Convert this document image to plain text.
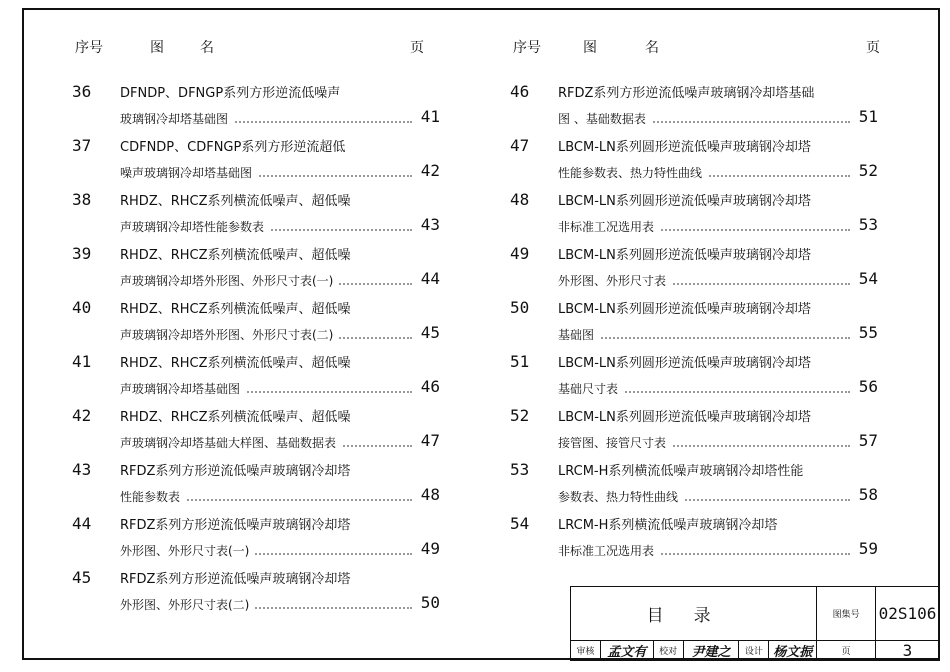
序号	图	名	页	序号	图	名	页
36 DFNDP、DFNGP系列方形逆流低噪声
玻璃钢冷却塔基础图	41
37 CDFNDP、CDFNGP系列方形逆流超低
噪声玻璃钢冷却塔基础图	42
38 RHDZ、RHCZ系列横流低噪声、超低噪
声玻璃钢冷却塔性能参数表	43
39 RHDZ、RHCZ系列横流低噪声、超低噪
声玻璃钢冷却塔外形图、外形尺寸表(一)	44
40 RHDZ、RHCZ系列横流低噪声、超低噪
声玻璃钢冷却塔外形图、外形尺寸表(二)	45
41 RHDZ、RHCZ系列横流低噪声、超低噪
声玻璃钢冷却塔基础图	46
42 RHDZ、RHCZ系列横流低噪声、超低噪
声玻璃钢冷却塔基础大样图、基础数据表	47
43 RFDZ系列方形逆流低噪声玻璃钢冷却塔
性能参数表	48
44 RFDZ系列方形逆流低噪声玻璃钢冷却塔
外形图、外形尺寸表(一)	49
45 RFDZ系列方形逆流低噪声玻璃钢冷却塔
外形图、外形尺寸表(二)	50
46 RFDZ系列方形逆流低噪声玻璃钢冷却塔基础
图 、基础数据表	51
47 LBCM-LN系列圆形逆流低噪声玻璃钢冷却塔
性能参数表、热力特性曲线	52
48 LBCM-LN系列圆形逆流低噪声玻璃钢冷却塔
非标准工况选用表	53
49 LBCM-LN系列圆形逆流低噪声玻璃钢冷却塔
外形图、外形尺寸表	54
50 LBCM-LN系列圆形逆流低噪声玻璃钢冷却塔
基础图	55
51 LBCM-LN系列圆形逆流低噪声玻璃钢冷却塔
基础尺寸表	56
52 LBCM-LN系列圆形逆流低噪声玻璃钢冷却塔
接管图、接管尺寸表	57
53 LRCM-H系列横流低噪声玻璃钢冷却塔性能
参数表、热力特性曲线	58
54 LRCM-H系列横流低噪声玻璃钢冷却塔
非标准工况选用表	59
目录						图集号	02S106
审核	孟文有	校对	尹建之	设计	杨文振	页	3
